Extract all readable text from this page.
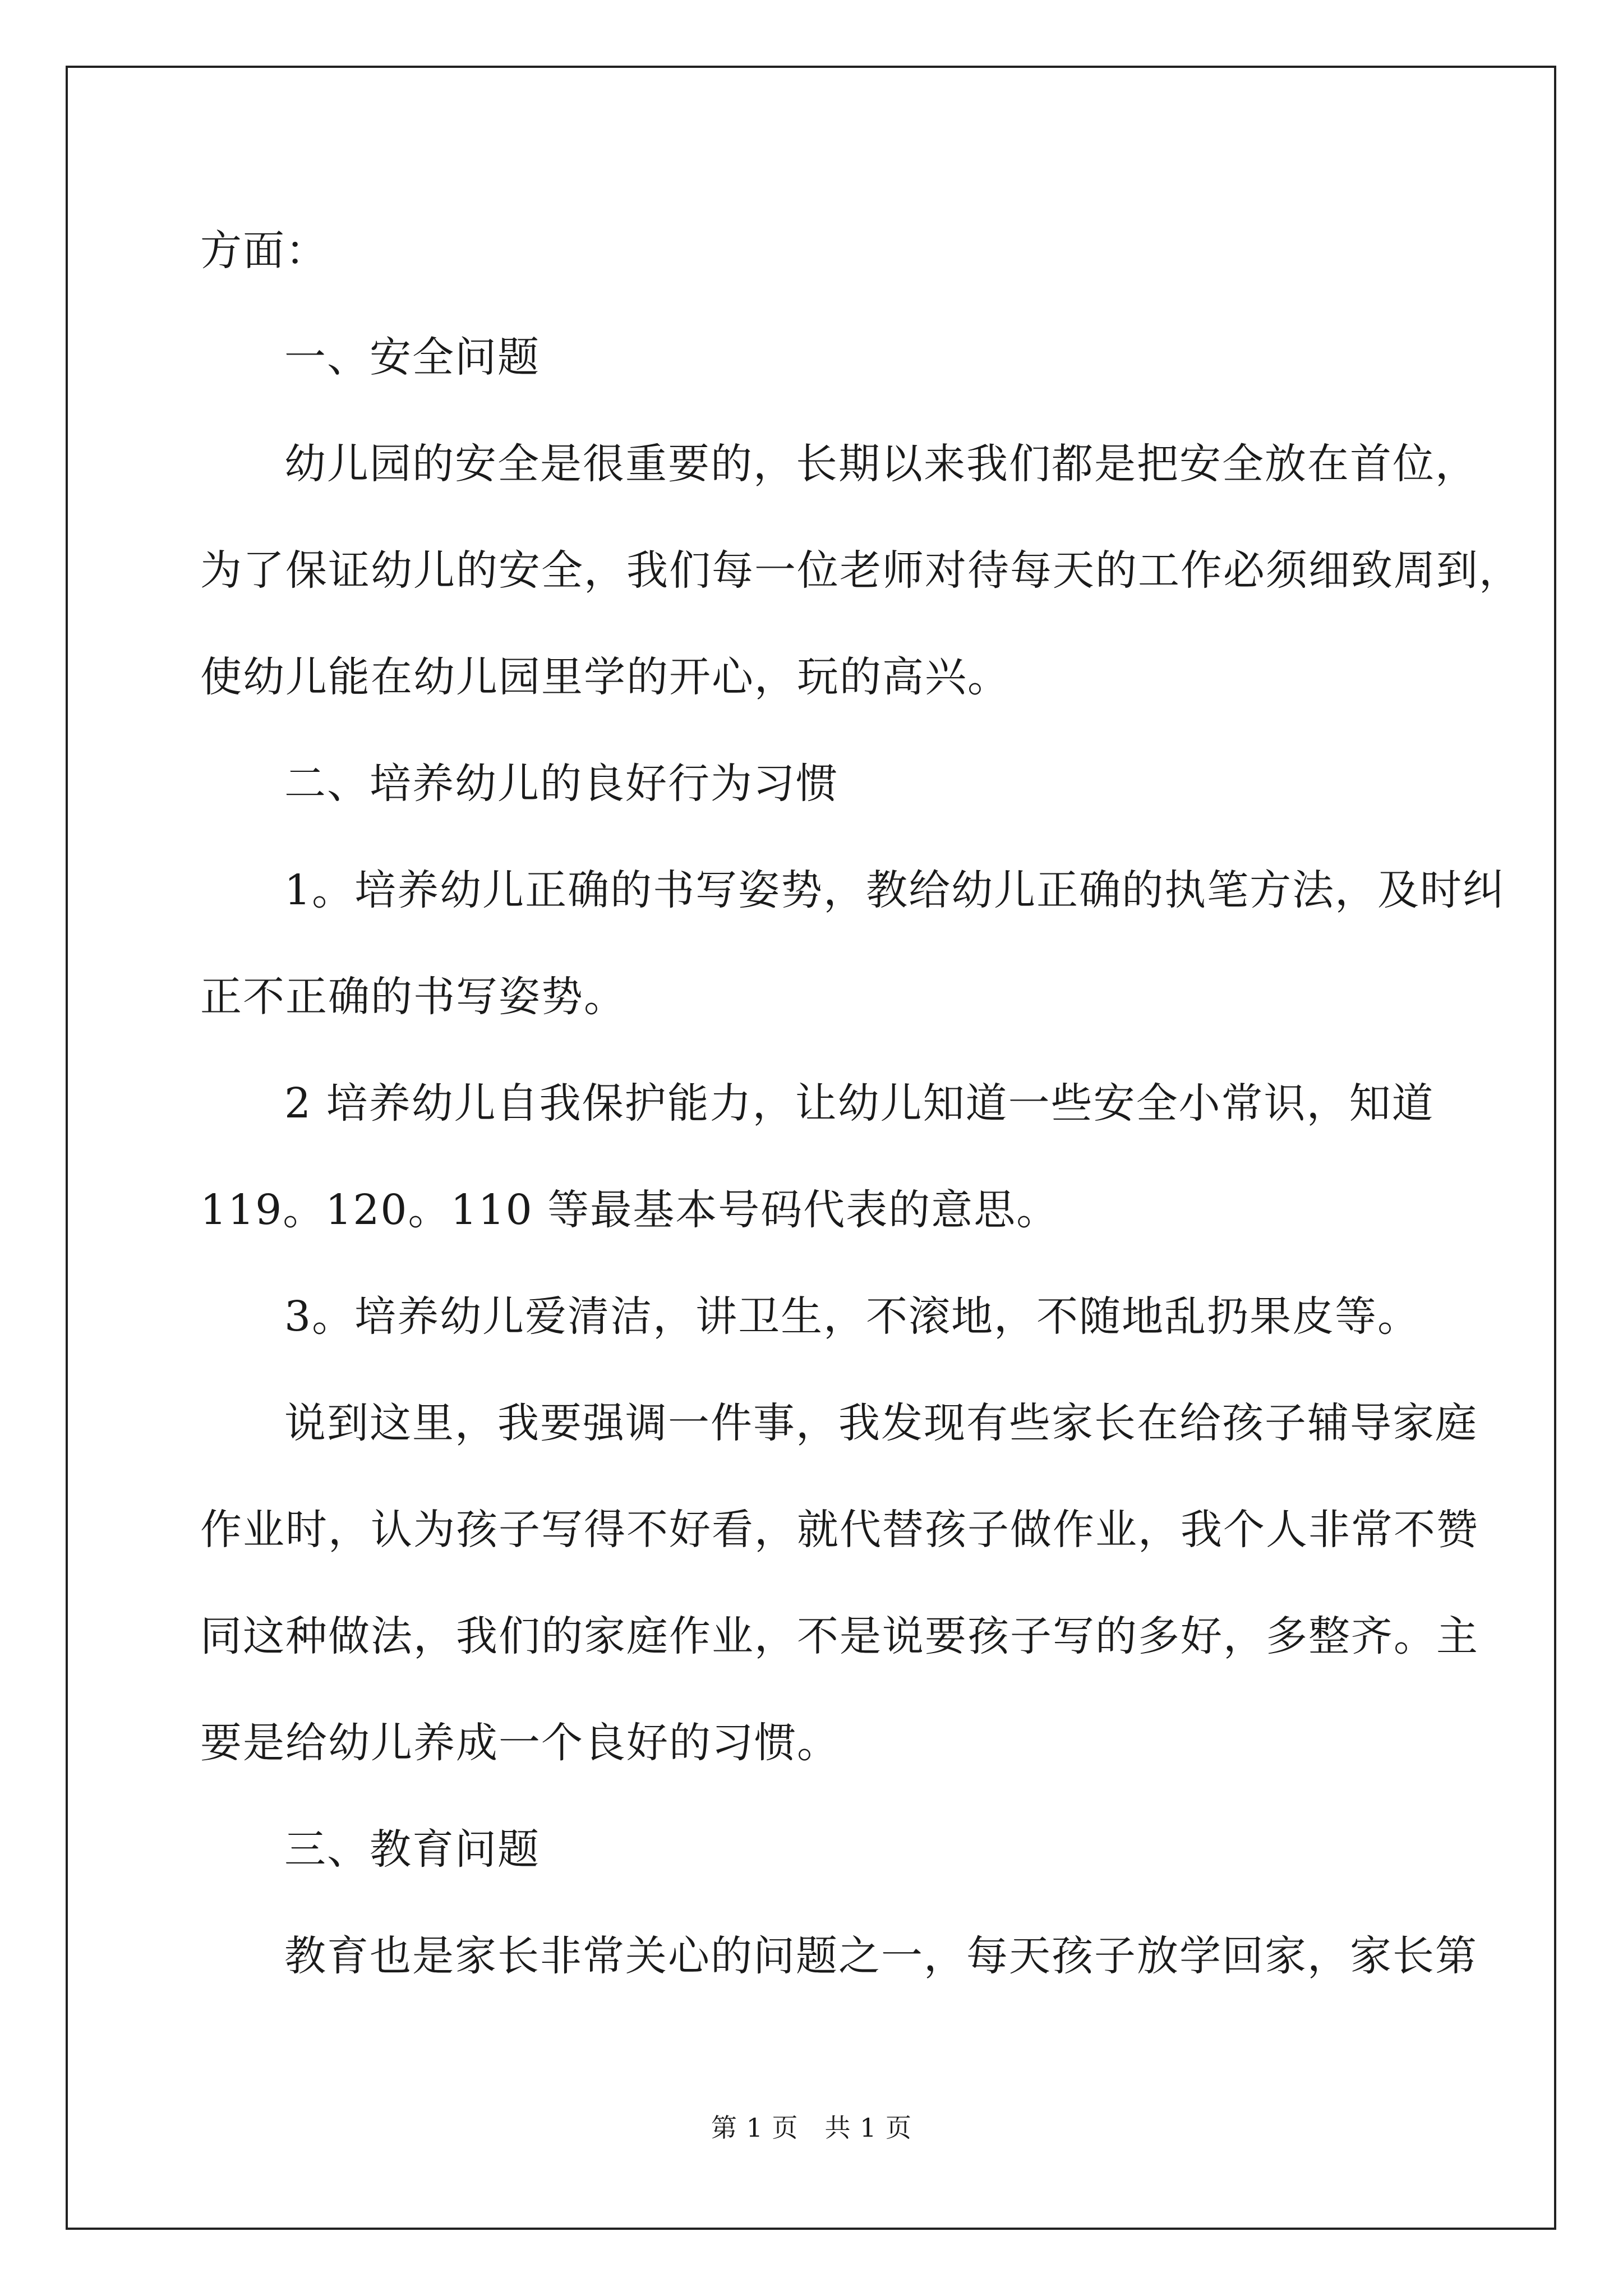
方面：
一、安全问题
幼儿园的安全是很重要的，长期以来我们都是把安全放在首位，
为了保证幼儿的安全，我们每一位老师对待每天的工作必须细致周到，
使幼儿能在幼儿园里学的开心，玩的高兴。
二、培养幼儿的良好行为习惯
1。培养幼儿正确的书写姿势，教给幼儿正确的执笔方法，及时纠
正不正确的书写姿势。
2 培养幼儿自我保护能力，让幼儿知道一些安全小常识，知道
119。120。110 等最基本号码代表的意思。
3。培养幼儿爱清洁，讲卫生，不滚地，不随地乱扔果皮等。
说到这里，我要强调一件事，我发现有些家长在给孩子辅导家庭
作业时，认为孩子写得不好看，就代替孩子做作业，我个人非常不赞
同这种做法，我们的家庭作业，不是说要孩子写的多好，多整齐。主
要是给幼儿养成一个良好的习惯。
三、教育问题
教育也是家长非常关心的问题之一，每天孩子放学回家，家长第
第 1 页　共 1 页
